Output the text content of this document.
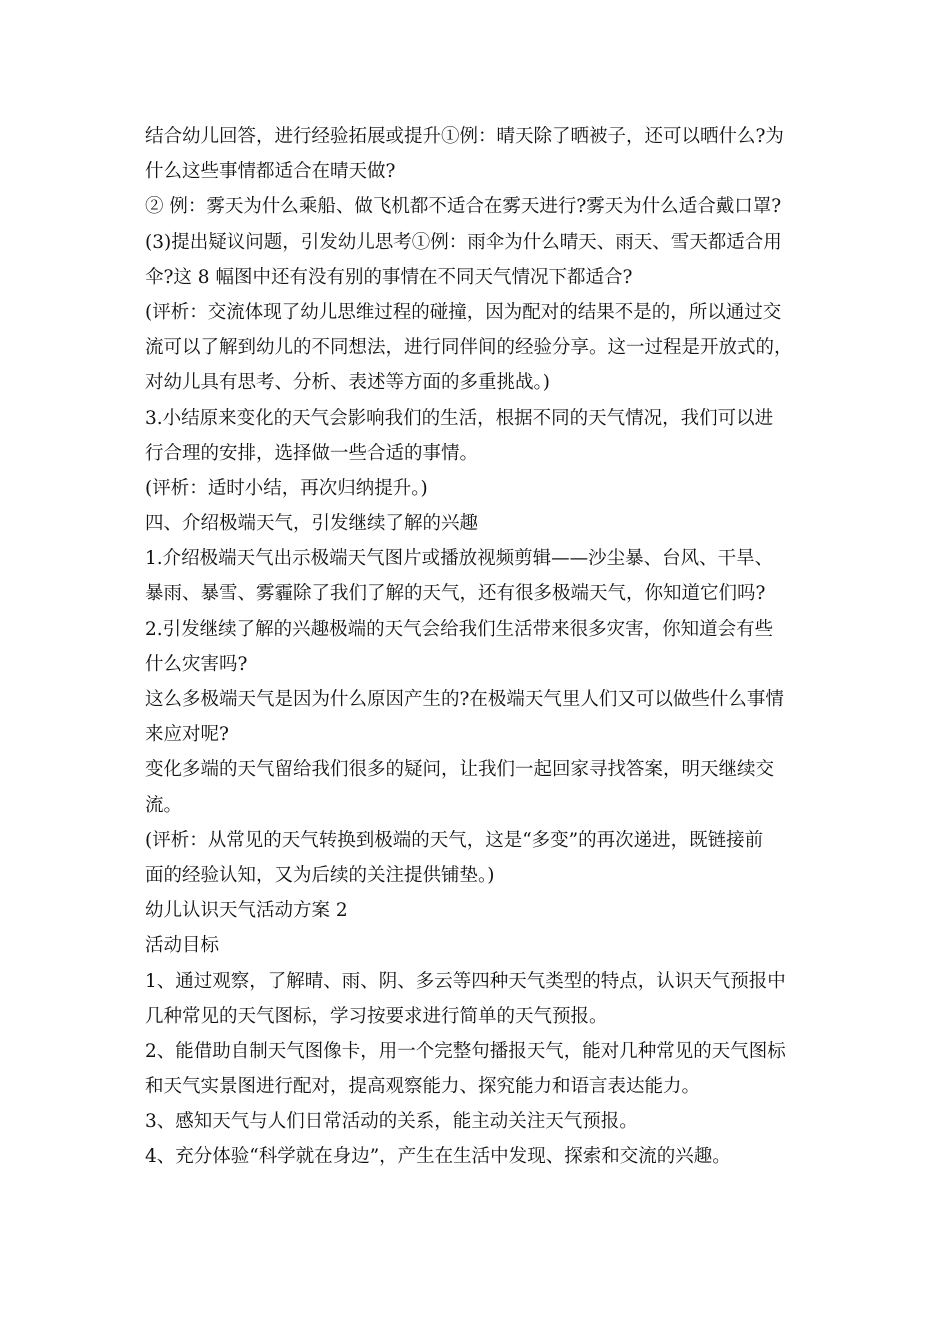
结合幼儿回答，进行经验拓展或提升①例：晴天除了晒被子，还可以晒什么?为
什么这些事情都适合在晴天做?
② 例：雾天为什么乘船、做飞机都不适合在雾天进行?雾天为什么适合戴口罩?
(3)提出疑议问题，引发幼儿思考①例：雨伞为什么晴天、雨天、雪天都适合用
伞?这 8 幅图中还有没有别的事情在不同天气情况下都适合?
(评析：交流体现了幼儿思维过程的碰撞，因为配对的结果不是的，所以通过交
流可以了解到幼儿的不同想法，进行同伴间的经验分享。这一过程是开放式的，
对幼儿具有思考、分析、表述等方面的多重挑战。)
3.小结原来变化的天气会影响我们的生活，根据不同的天气情况，我们可以进
行合理的安排，选择做一些合适的事情。
(评析：适时小结，再次归纳提升。)
四、介绍极端天气，引发继续了解的兴趣
1.介绍极端天气出示极端天气图片或播放视频剪辑——沙尘暴、台风、干旱、
暴雨、暴雪、雾霾除了我们了解的天气，还有很多极端天气，你知道它们吗?
2.引发继续了解的兴趣极端的天气会给我们生活带来很多灾害，你知道会有些
什么灾害吗?
这么多极端天气是因为什么原因产生的?在极端天气里人们又可以做些什么事情
来应对呢?
变化多端的天气留给我们很多的疑问，让我们一起回家寻找答案，明天继续交
流。
(评析：从常见的天气转换到极端的天气，这是“多变”的再次递进，既链接前
面的经验认知，又为后续的关注提供铺垫。)
幼儿认识天气活动方案 2
活动目标
1、通过观察，了解晴、雨、阴、多云等四种天气类型的特点，认识天气预报中
几种常见的天气图标，学习按要求进行简单的天气预报。
2、能借助自制天气图像卡，用一个完整句播报天气，能对几种常见的天气图标
和天气实景图进行配对，提高观察能力、探究能力和语言表达能力。
3、感知天气与人们日常活动的关系，能主动关注天气预报。
4、充分体验“科学就在身边”，产生在生活中发现、探索和交流的兴趣。
